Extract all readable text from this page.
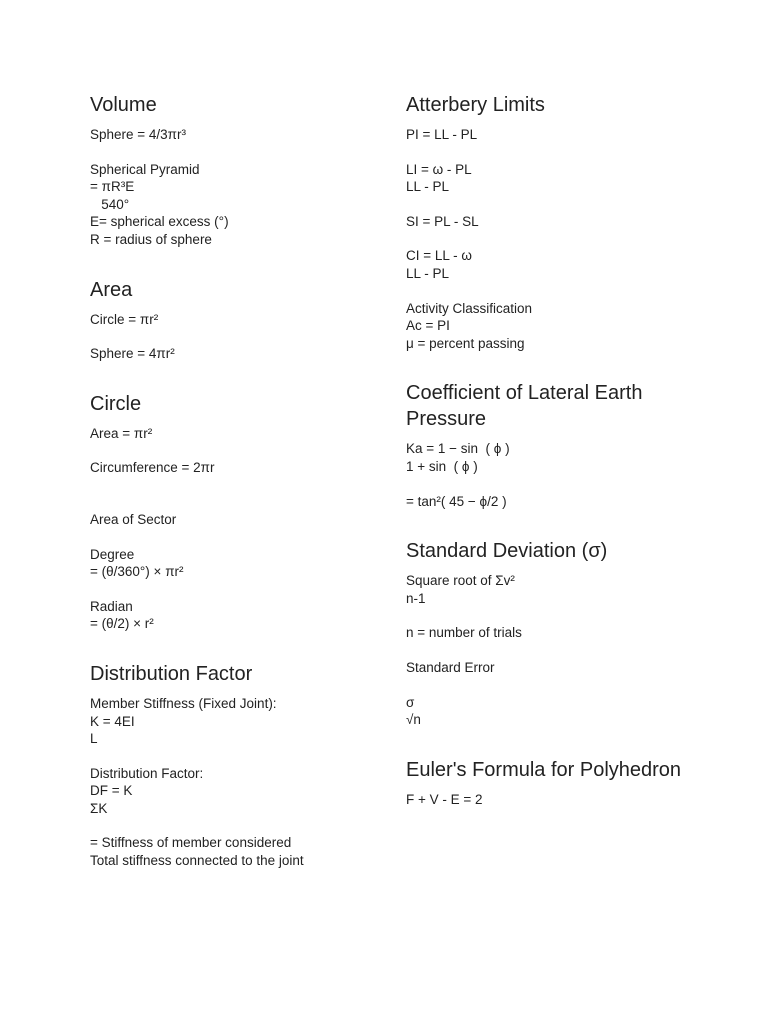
Volume
Sphere = 4/3πr³
Spherical Pyramid
= πR³E
540°
E= spherical excess (°)
R = radius of sphere
Area
Circle = πr²
Sphere = 4πr²
Circle
Area = πr²
Circumference = 2πr
Area of Sector
Degree
= (θ/360°) × πr²
Radian
= (θ/2) × r²
Distribution Factor
Member Stiffness (Fixed Joint):
K = 4EI
L
Distribution Factor:
DF = K
ΣK
= Stiffness of member considered
Total stiffness connected to the joint
Atterbery Limits
PI = LL - PL
LI = ω - PL
LL - PL
SI = PL - SL
CI = LL - ω
LL - PL
Activity Classification
Ac = PI
μ = percent passing
Coefficient of Lateral Earth Pressure
Ka = 1 − sin  ( ϕ )
1 + sin  ( ϕ )
= tan²( 45 − ϕ/2 )
Standard Deviation (σ)
Square root of Σv²
n-1
n = number of trials
Standard Error
σ
√n
Euler's Formula for Polyhedron
F + V - E = 2
